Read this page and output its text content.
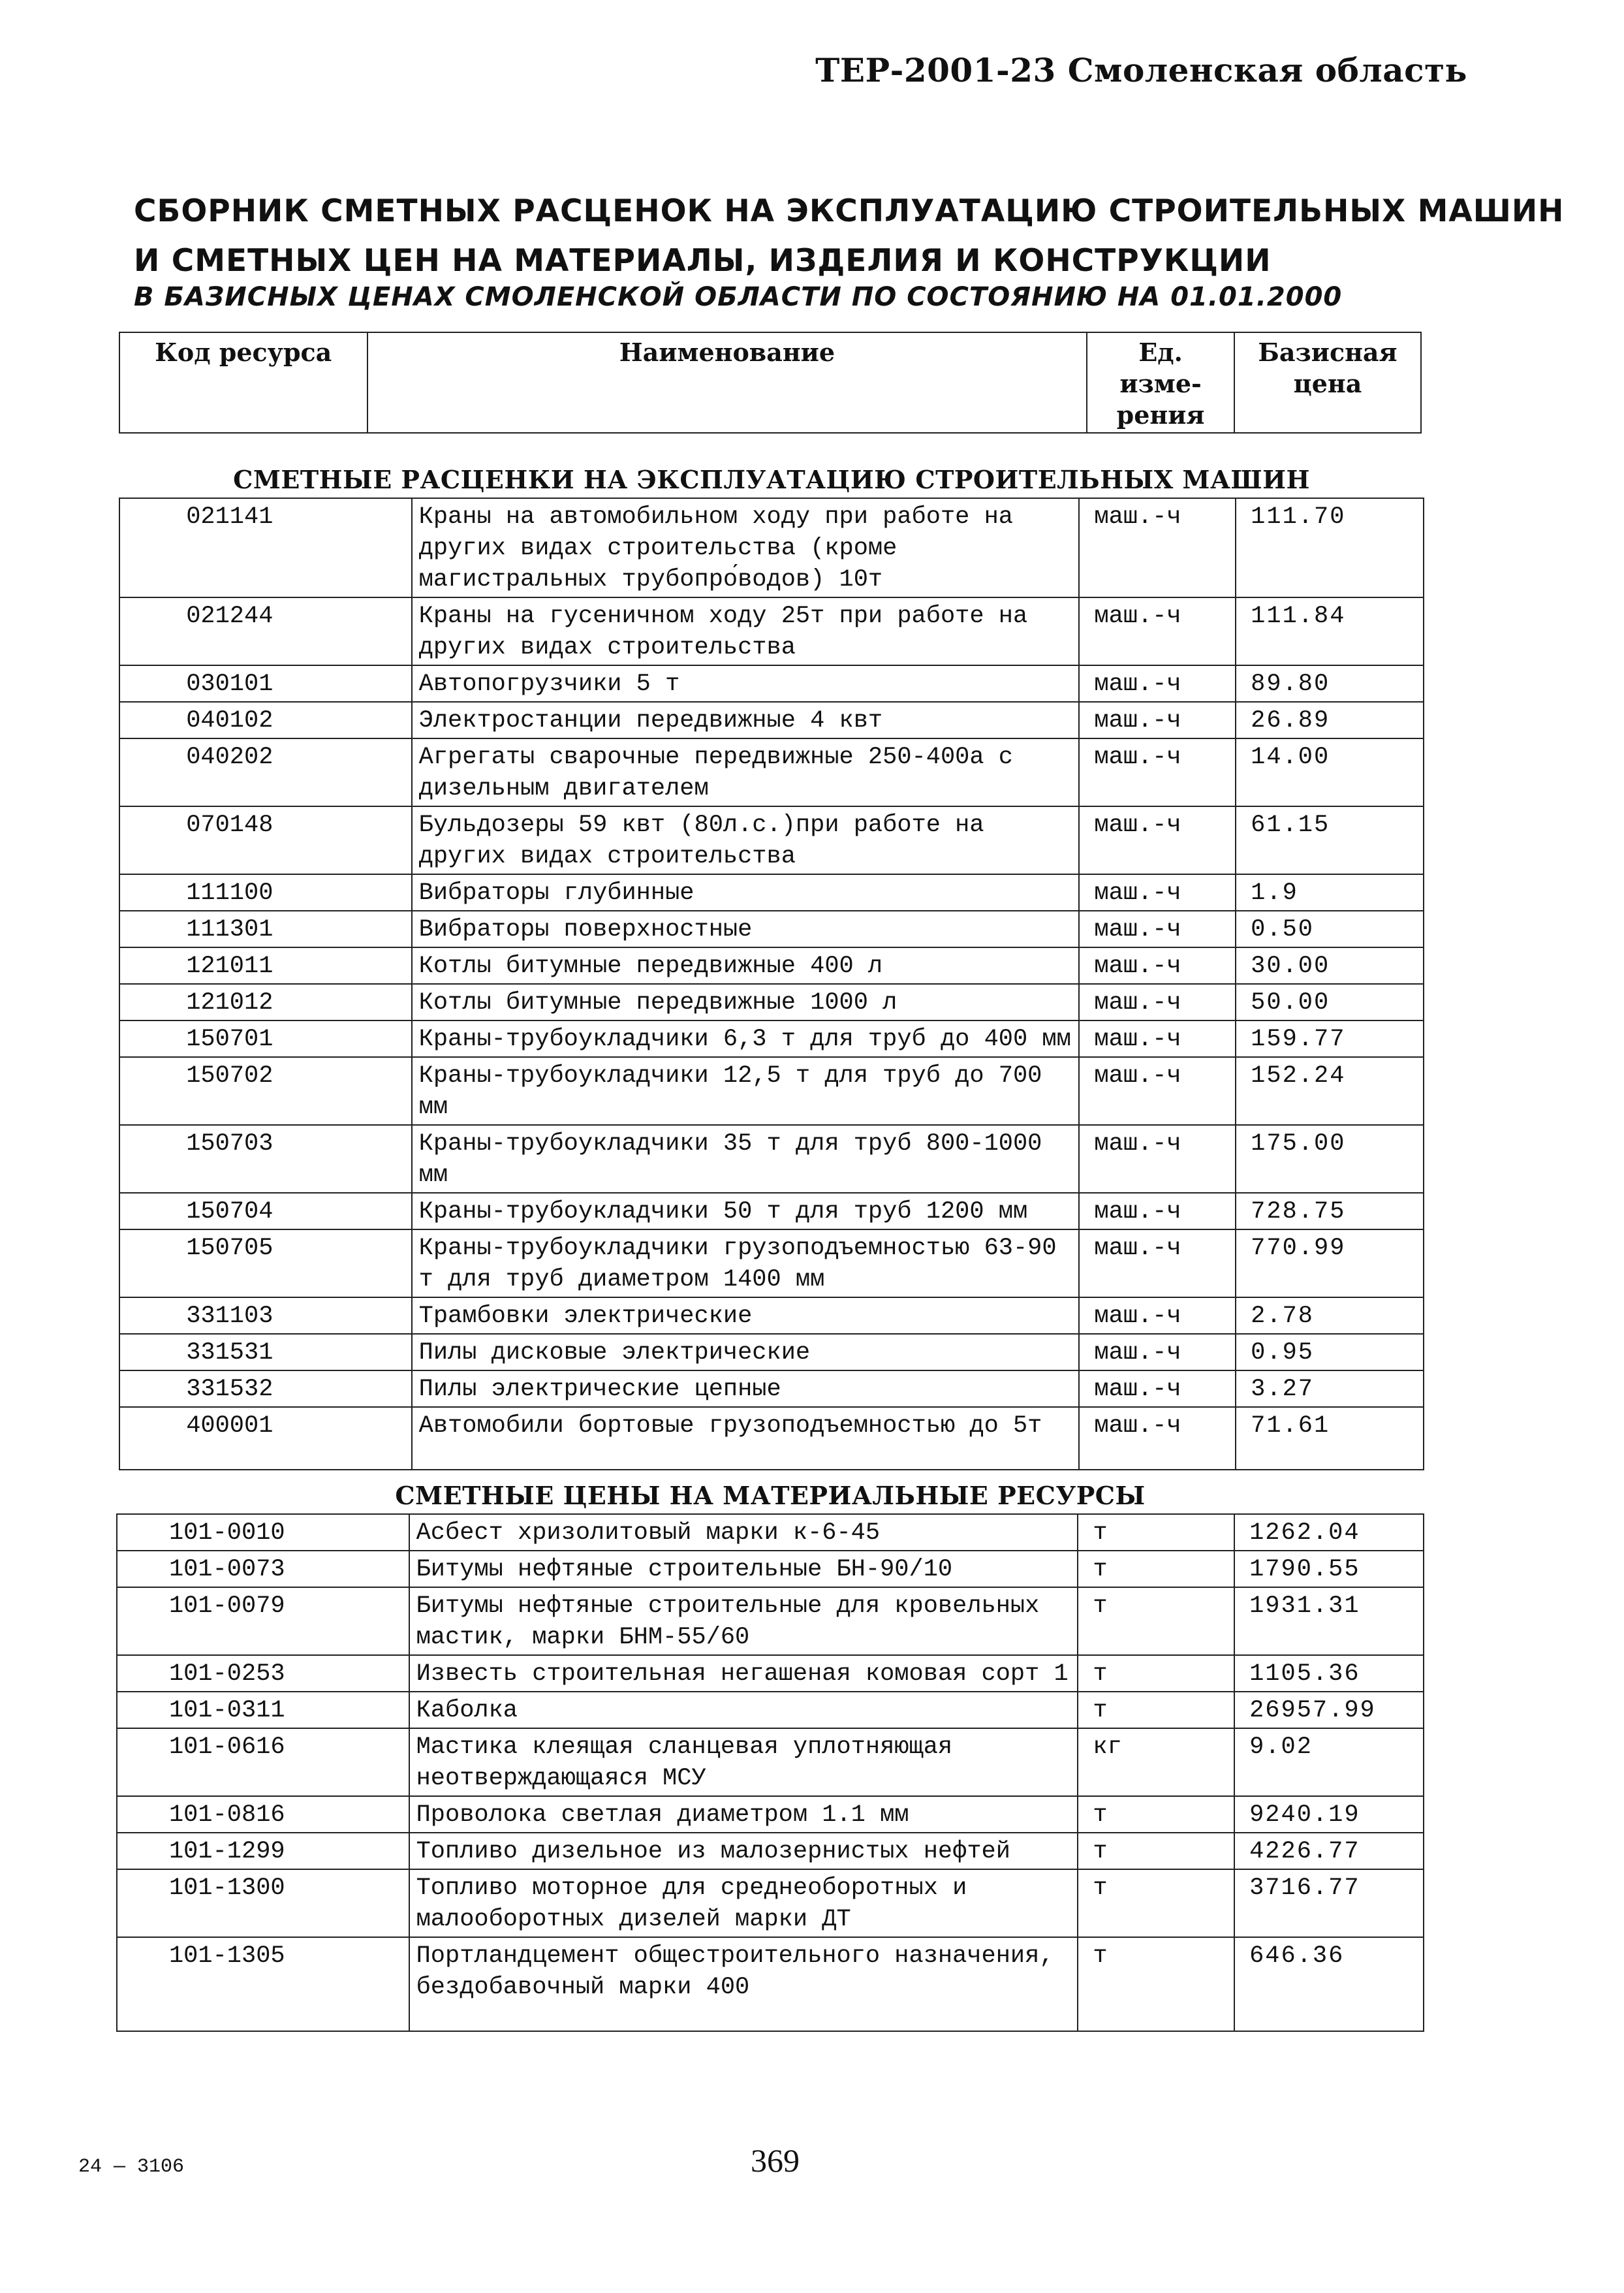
ТЕР-2001-23 Смоленская область
СБОРНИК СМЕТНЫХ РАСЦЕНОК НА ЭКСПЛУАТАЦИЮ СТРОИТЕЛЬНЫХ МАШИН
И СМЕТНЫХ ЦЕН НА МАТЕРИАЛЫ, ИЗДЕЛИЯ И КОНСТРУКЦИИ
В БАЗИСНЫХ ЦЕНАХ СМОЛЕНСКОЙ ОБЛАСТИ ПО СОСТОЯНИЮ НА 01.01.2000
Код ресурса	Наименование	Ед. изме- рения	Базисная цена
СМЕТНЫЕ РАСЦЕНКИ НА ЭКСПЛУАТАЦИЮ СТРОИТЕЛЬНЫХ МАШИН
021141	Краны на автомобильном ходу при работе на других видах строительства (кроме магистральных трубопро́водов) 10т	маш.-ч	111.70
021244	Краны на гусеничном ходу 25т при работе на других видах строительства	маш.-ч	111.84
030101	Автопогрузчики 5 т	маш.-ч	89.80
040102	Электростанции передвижные 4 квт	маш.-ч	26.89
040202	Агрегаты сварочные передвижные 250-400а с дизельным двигателем	маш.-ч	14.00
070148	Бульдозеры 59 квт (80л.с.)при работе на других видах строительства	маш.-ч	61.15
111100	Вибраторы глубинные	маш.-ч	1.9
111301	Вибраторы поверхностные	маш.-ч	0.50
121011	Котлы битумные передвижные 400 л	маш.-ч	30.00
121012	Котлы битумные передвижные 1000 л	маш.-ч	50.00
150701	Краны-трубоукладчики 6,3 т для труб до 400 мм	маш.-ч	159.77
150702	Краны-трубоукладчики 12,5 т для труб до 700 мм	маш.-ч	152.24
150703	Краны-трубоукладчики 35 т для труб 800-1000 мм	маш.-ч	175.00
150704	Краны-трубоукладчики 50 т для труб 1200 мм	маш.-ч	728.75
150705	Краны-трубоукладчики грузоподъемностью 63-90 т для труб диаметром 1400 мм	маш.-ч	770.99
331103	Трамбовки электрические	маш.-ч	2.78
331531	Пилы дисковые электрические	маш.-ч	0.95
331532	Пилы электрические цепные	маш.-ч	3.27
400001	Автомобили бортовые грузоподъемностью до 5т	маш.-ч	71.61
СМЕТНЫЕ ЦЕНЫ НА МАТЕРИАЛЬНЫЕ РЕСУРСЫ
101-0010	Асбест хризолитовый марки к-6-45	т	1262.04
101-0073	Битумы нефтяные строительные БН-90/10	т	1790.55
101-0079	Битумы нефтяные строительные для кровельных мастик, марки БНМ-55/60	т	1931.31
101-0253	Известь строительная негашеная комовая сорт 1	т	1105.36
101-0311	Каболка	т	26957.99
101-0616	Мастика клеящая сланцевая уплотняющая неотверждающаяся МСУ	кг	9.02
101-0816	Проволока светлая диаметром 1.1 мм	т	9240.19
101-1299	Топливо дизельное из малозернистых нефтей	т	4226.77
101-1300	Топливо моторное для среднеоборотных и малооборотных дизелей марки ДТ	т	3716.77
101-1305	Портландцемент общестроительного назначения, бездобавочный марки 400	т	646.36
24 — 3106	369
